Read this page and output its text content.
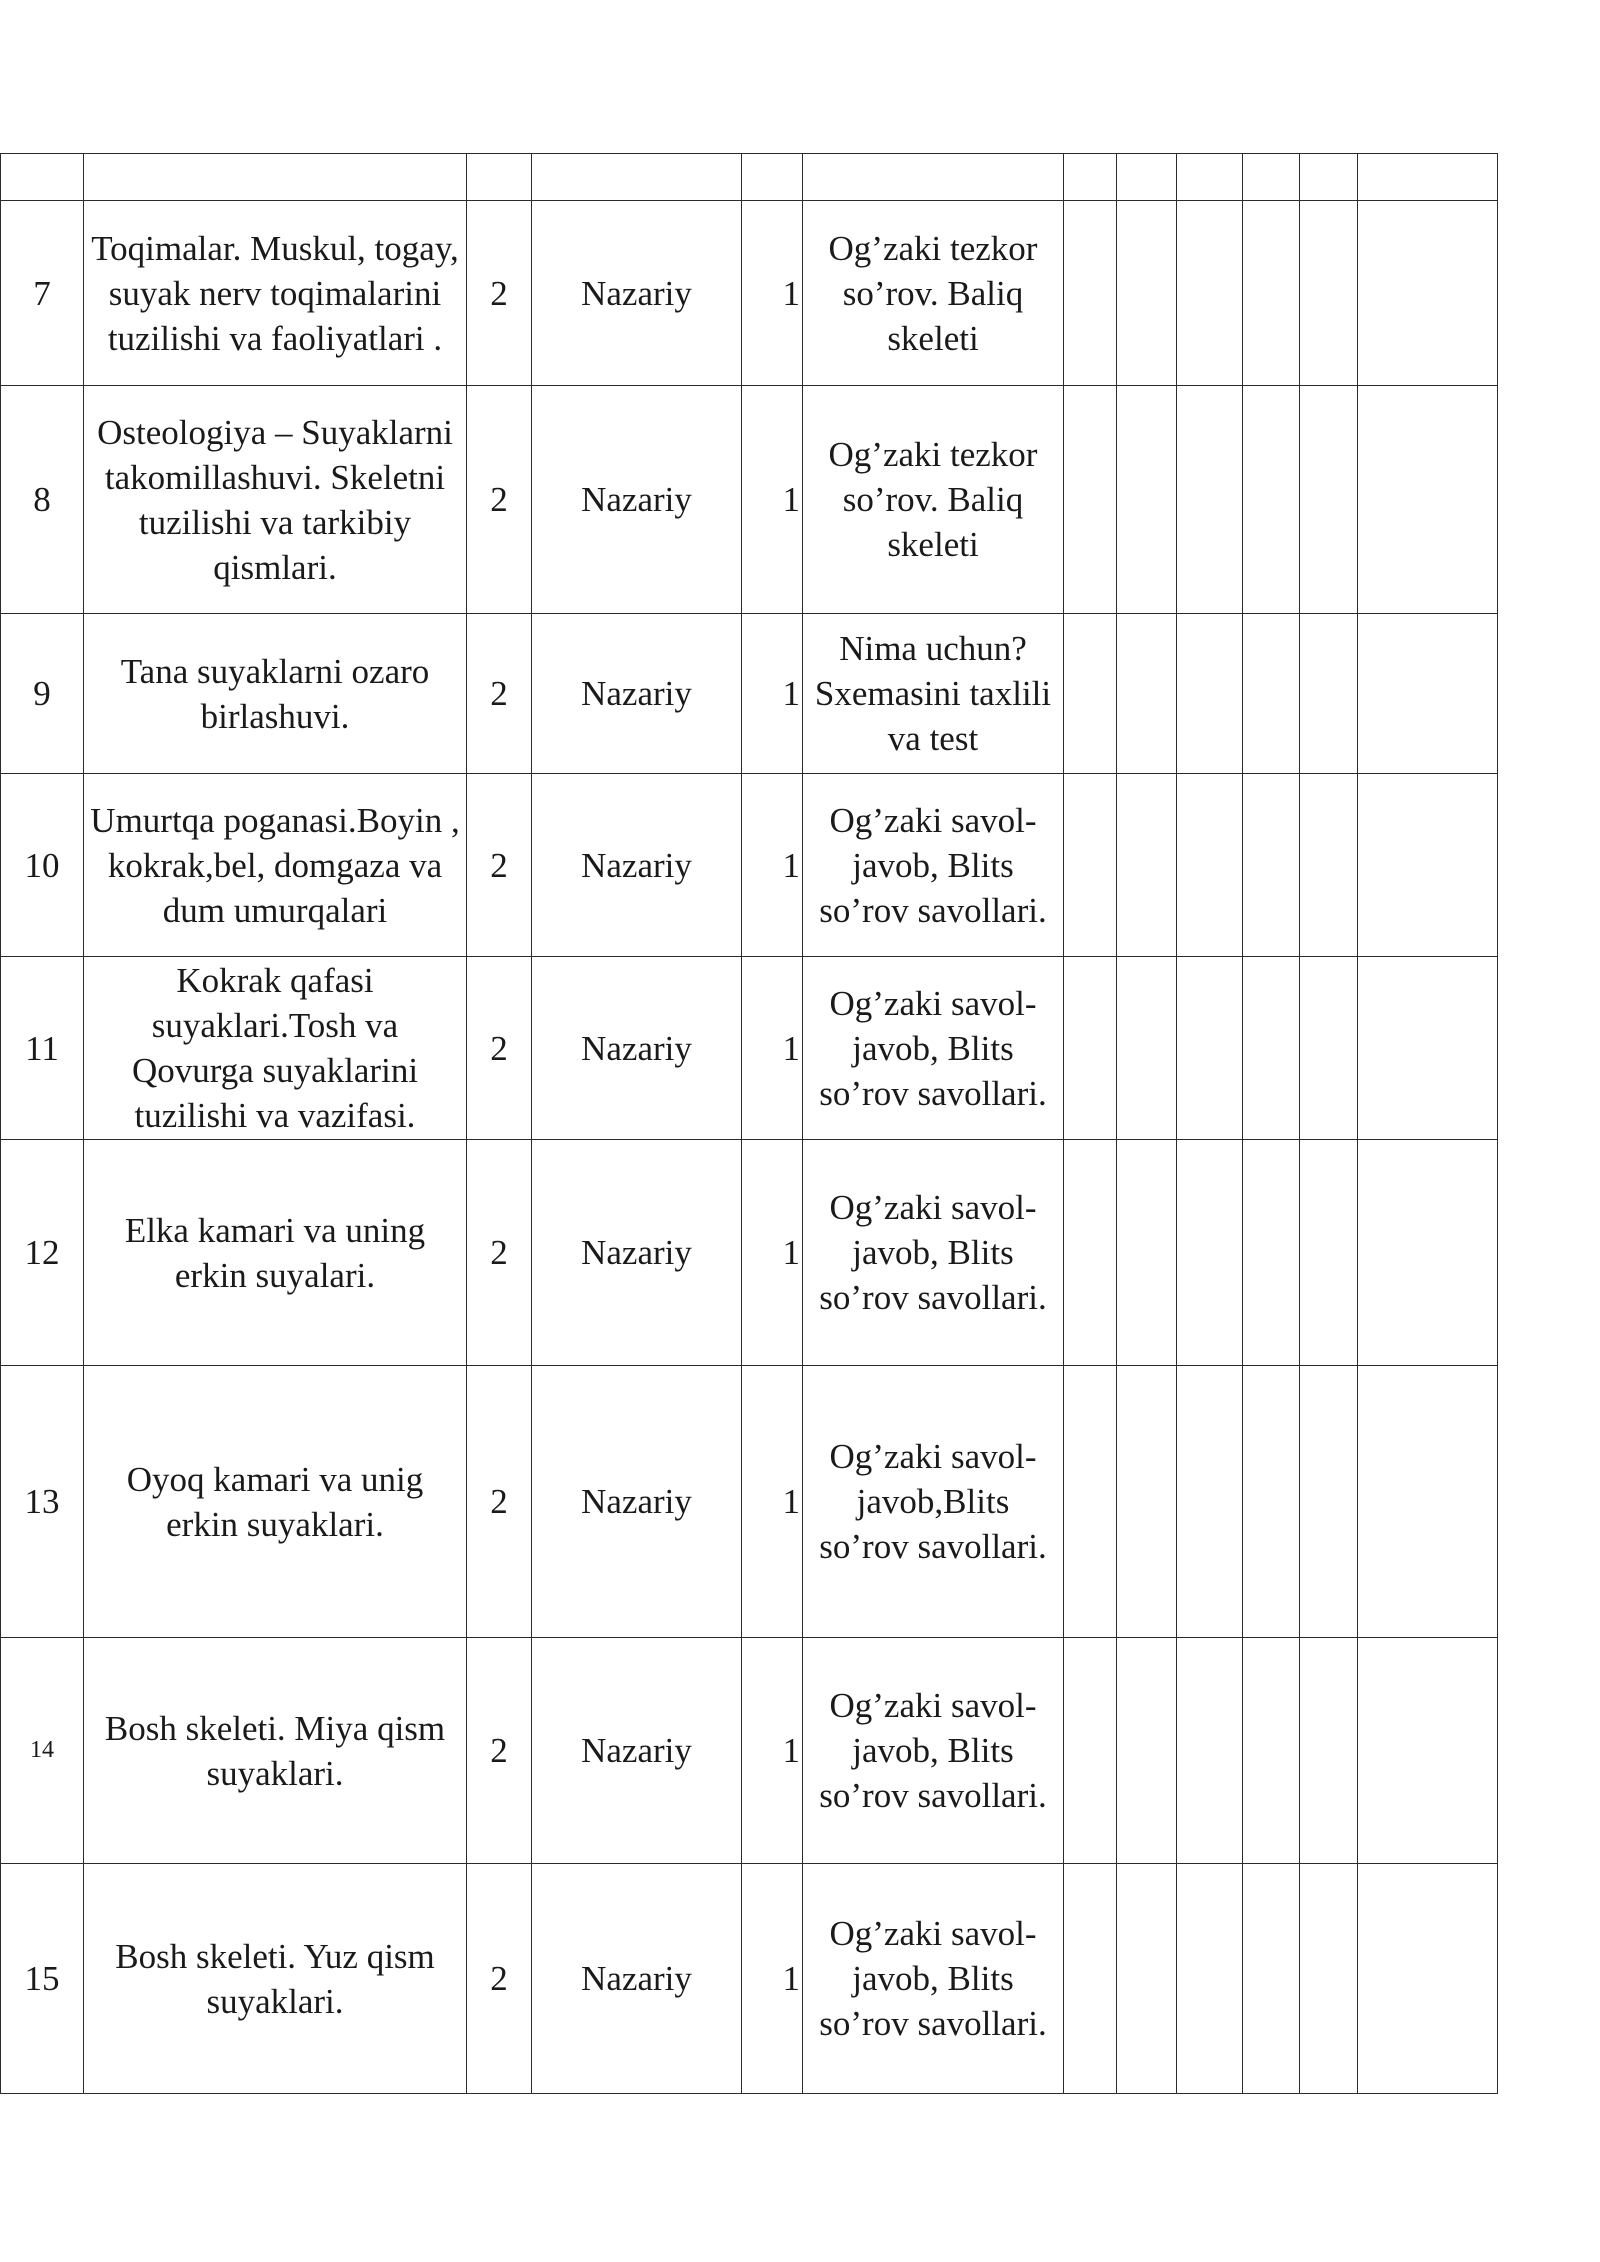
7	Toqimalar. Muskul, togay, suyak nerv toqimalarini tuzilishi va faoliyatlari .	2	Nazariy	1	Og’zaki tezkor so’rov. Baliq skeleti						
8	Osteologiya – Suyaklarni takomillashuvi. Skeletni tuzilishi va tarkibiy qismlari.	2	Nazariy	1	Og’zaki tezkor so’rov. Baliq skeleti						
9	Tana suyaklarni ozaro birlashuvi.	2	Nazariy	1	Nima uchun? Sxemasini taxlili va test						
10	Umurtqa poganasi.Boyin , kokrak,bel, domgaza va dum umurqalari	2	Nazariy	1	Og’zaki savol-javob, Blits so’rov savollari.						
11	Kokrak qafasi suyaklari.Tosh va Qovurga suyaklarini tuzilishi va vazifasi.	2	Nazariy	1	Og’zaki savol-javob, Blits so’rov savollari.						
12	Elka kamari va uning erkin suyalari.	2	Nazariy	1	Og’zaki savol-javob, Blits so’rov savollari.						
13	Oyoq kamari va unig erkin suyaklari.	2	Nazariy	1	Og’zaki savol-javob,Blits so’rov savollari.						
14	Bosh skeleti. Miya qism suyaklari.	2	Nazariy	1	Og’zaki savol-javob, Blits so’rov savollari.						
15	Bosh skeleti. Yuz qism suyaklari.	2	Nazariy	1	Og’zaki savol-javob, Blits so’rov savollari.						
